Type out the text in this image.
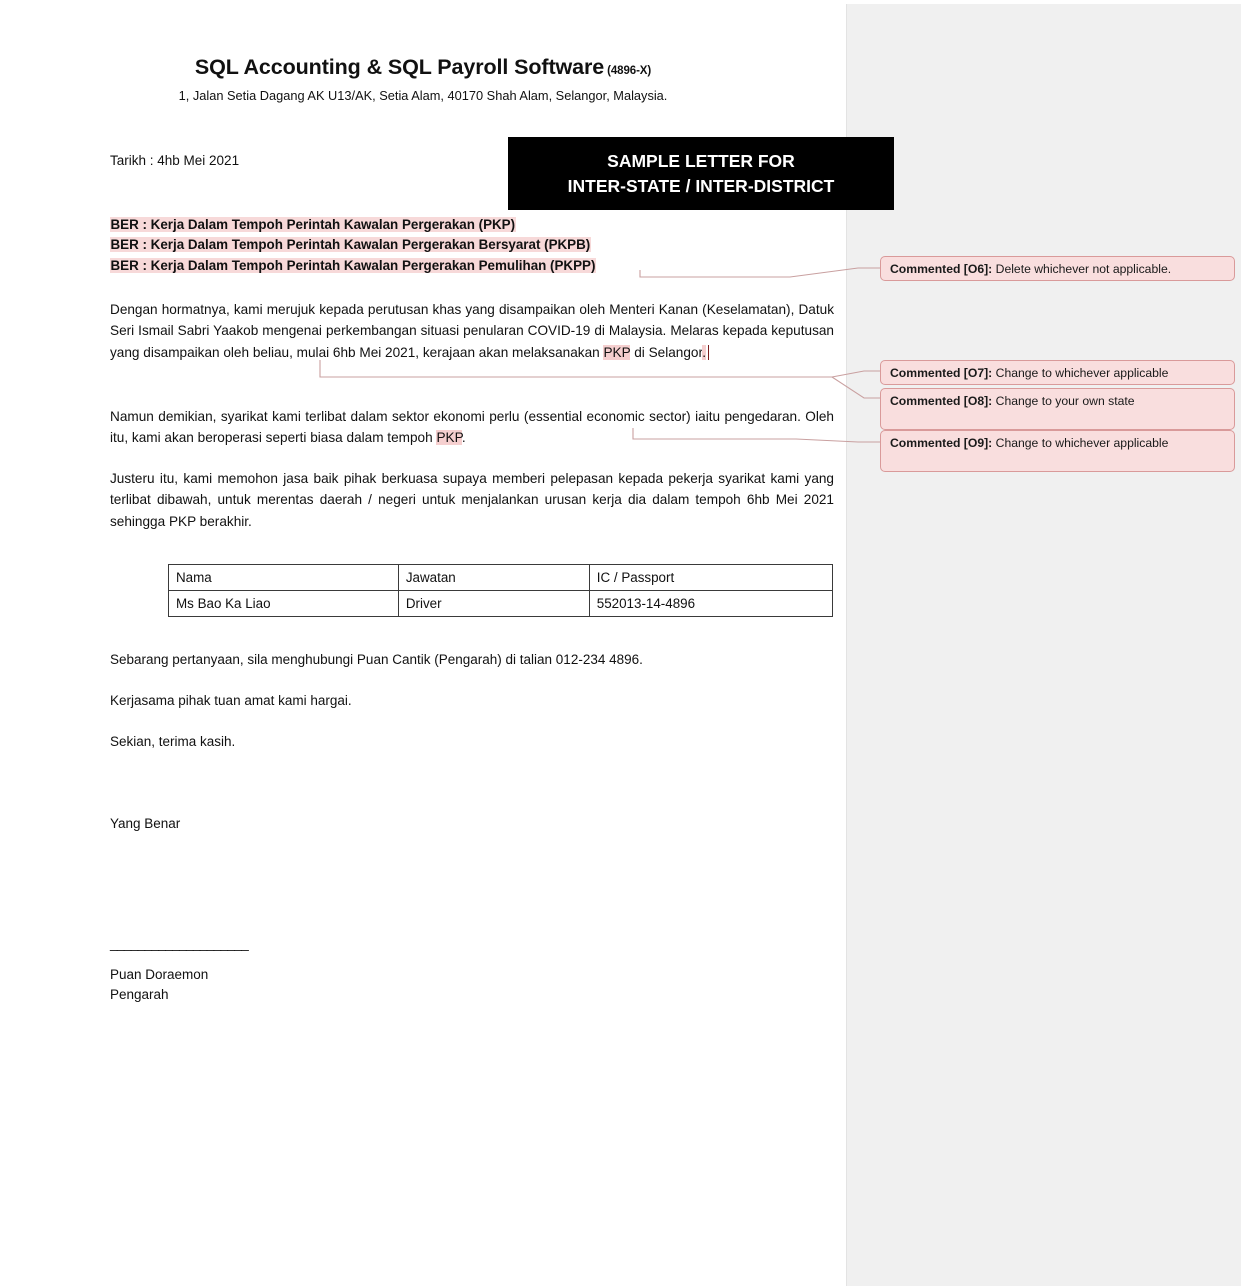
SQL Accounting & SQL Payroll Software (4896-X)
1, Jalan Setia Dagang AK U13/AK, Setia Alam, 40170 Shah Alam, Selangor, Malaysia.
Tarikh : 4hb Mei 2021	SAMPLE LETTER FOR
INTER-STATE / INTER-DISTRICT
BER : Kerja Dalam Tempoh Perintah Kawalan Pergerakan (PKP)
BER : Kerja Dalam Tempoh Perintah Kawalan Pergerakan Bersyarat (PKPB)
BER : Kerja Dalam Tempoh Perintah Kawalan Pergerakan Pemulihan (PKPP)
Dengan hormatnya, kami merujuk kepada perutusan khas yang disampaikan oleh Menteri Kanan (Keselamatan), Datuk Seri Ismail Sabri Yaakob mengenai perkembangan situasi penularan COVID-19 di Malaysia. Melaras kepada keputusan yang disampaikan oleh beliau, mulai 6hb Mei 2021, kerajaan akan melaksanakan PKP di Selangor.
Namun demikian, syarikat kami terlibat dalam sektor ekonomi perlu (essential economic sector) iaitu pengedaran. Oleh itu, kami akan beroperasi seperti biasa dalam tempoh PKP.
Justeru itu, kami memohon jasa baik pihak berkuasa supaya memberi pelepasan kepada pekerja syarikat kami yang terlibat dibawah, untuk merentas daerah / negeri untuk menjalankan urusan kerja dia dalam tempoh 6hb Mei 2021 sehingga PKP berakhir.
Nama	Jawatan	IC / Passport
Ms Bao Ka Liao	Driver	552013-14-4896
Sebarang pertanyaan, sila menghubungi Puan Cantik (Pengarah) di talian 012-234 4896.
Kerjasama pihak tuan amat kami hargai.
Sekian, terima kasih.
Yang Benar
____________________
Puan Doraemon
Pengarah
Commented [O6]: Delete whichever not applicable.
Commented [O7]: Change to whichever applicable
Commented [O8]: Change to your own state
Commented [O9]: Change to whichever applicable
